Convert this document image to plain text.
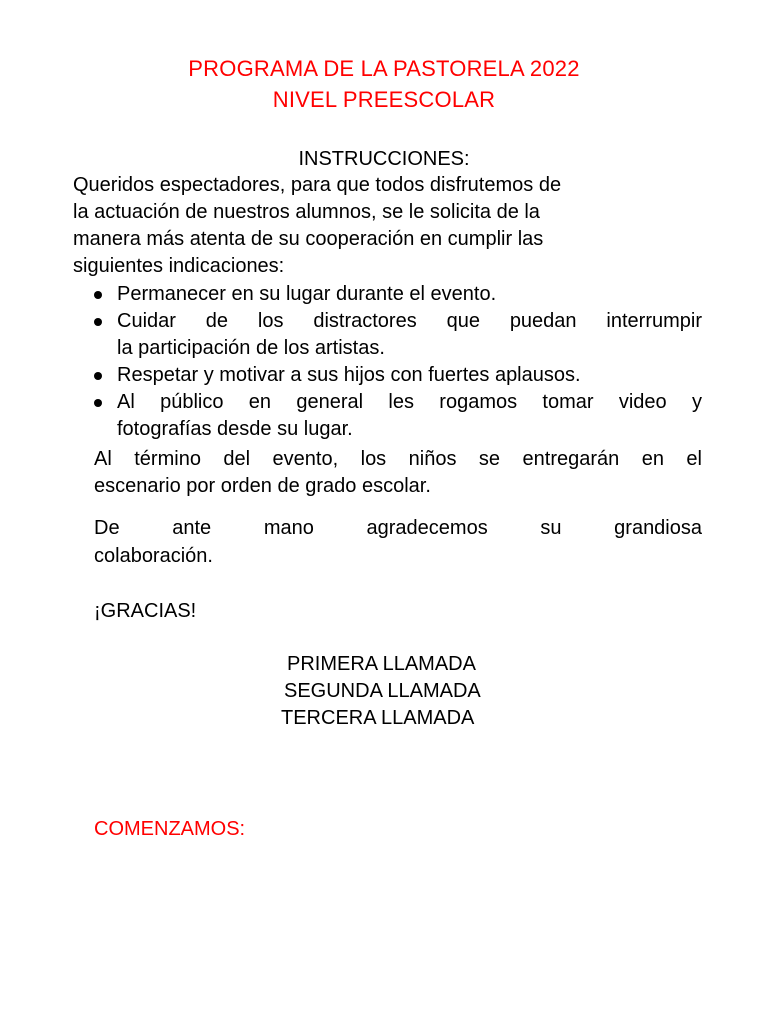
PROGRAMA DE LA PASTORELA 2022
NIVEL PREESCOLAR
INSTRUCCIONES:
Queridos espectadores, para que todos disfrutemos de
la actuación de nuestros alumnos, se le solicita de la
manera más atenta de su cooperación en cumplir las
siguientes indicaciones:
Permanecer en su lugar durante el evento.
Cuidar de los distractores que puedan interrumpir
la participación de los artistas.
Respetar y motivar a sus hijos con fuertes aplausos.
Al público en general les rogamos tomar video y
fotografías desde su lugar.
Al término del evento, los niños se entregarán en el
escenario por orden de grado escolar.
De ante mano agradecemos su grandiosa
colaboración.
¡GRACIAS!
PRIMERA LLAMADA
SEGUNDA LLAMADA
TERCERA LLAMADA
COMENZAMOS:
